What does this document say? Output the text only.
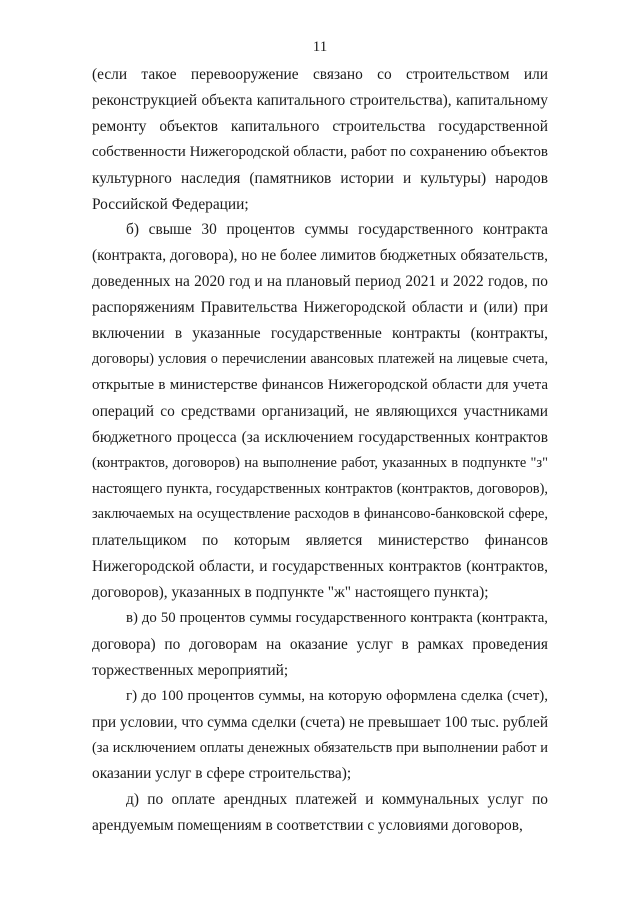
11
(если такое перевооружение связано со строительством или
реконструкцией объекта капитального строительства), капитальному
ремонту объектов капитального строительства государственной
собственности Нижегородской области, работ по сохранению объектов
культурного наследия (памятников истории и культуры) народов
Российской Федерации;
б) свыше 30 процентов суммы государственного контракта
(контракта, договора), но не более лимитов бюджетных обязательств,
доведенных на 2020 год и на плановый период 2021 и 2022 годов, по
распоряжениям Правительства Нижегородской области и (или) при
включении в указанные государственные контракты (контракты,
договоры) условия о перечислении авансовых платежей на лицевые счета,
открытые в министерстве финансов Нижегородской области для учета
операций со средствами организаций, не являющихся участниками
бюджетного процесса (за исключением государственных контрактов
(контрактов, договоров) на выполнение работ, указанных в подпункте "з"
настоящего пункта, государственных контрактов (контрактов, договоров),
заключаемых на осуществление расходов в финансово-банковской сфере,
плательщиком по которым является министерство финансов
Нижегородской области, и государственных контрактов (контрактов,
договоров), указанных в подпункте "ж" настоящего пункта);
в) до 50 процентов суммы государственного контракта (контракта,
договора) по договорам на оказание услуг в рамках проведения
торжественных мероприятий;
г) до 100 процентов суммы, на которую оформлена сделка (счет),
при условии, что сумма сделки (счета) не превышает 100 тыс. рублей
(за исключением оплаты денежных обязательств при выполнении работ и
оказании услуг в сфере строительства);
д) по оплате арендных платежей и коммунальных услуг по
арендуемым помещениям в соответствии с условиями договоров,
